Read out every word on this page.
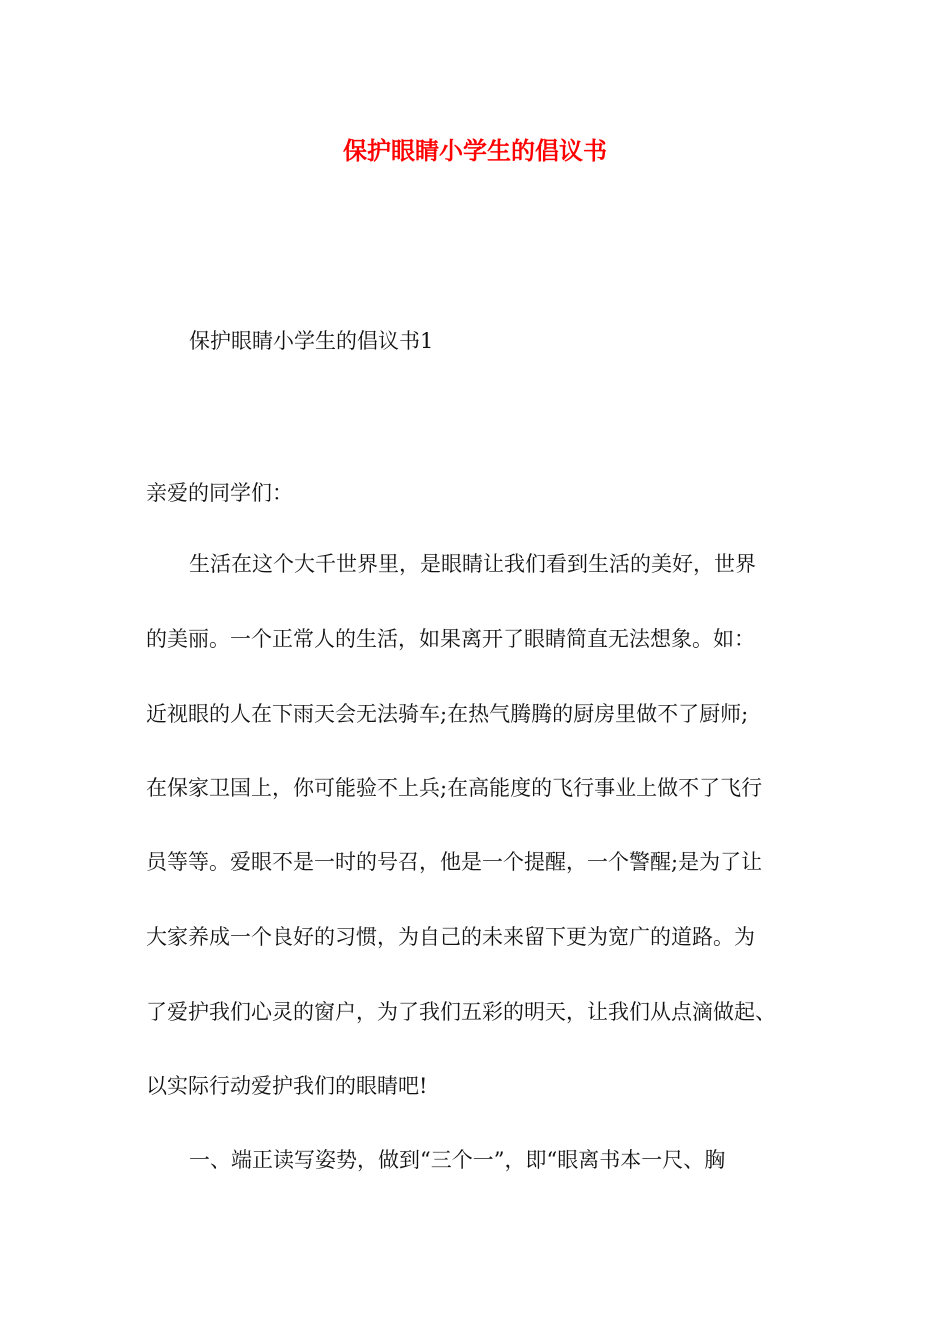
保护眼睛小学生的倡议书
保护眼睛小学生的倡议书1
亲爱的同学们：
生活在这个大千世界里，是眼睛让我们看到生活的美好，世界
的美丽。一个正常人的生活，如果离开了眼睛简直无法想象。如：
近视眼的人在下雨天会无法骑车;在热气腾腾的厨房里做不了厨师;
在保家卫国上，你可能验不上兵;在高能度的飞行事业上做不了飞行
员等等。爱眼不是一时的号召，他是一个提醒，一个警醒;是为了让
大家养成一个良好的习惯，为自己的未来留下更为宽广的道路。为
了爱护我们心灵的窗户，为了我们五彩的明天，让我们从点滴做起、
以实际行动爱护我们的眼睛吧!
一、端正读写姿势，做到“三个一”，即“眼离书本一尺、胸
